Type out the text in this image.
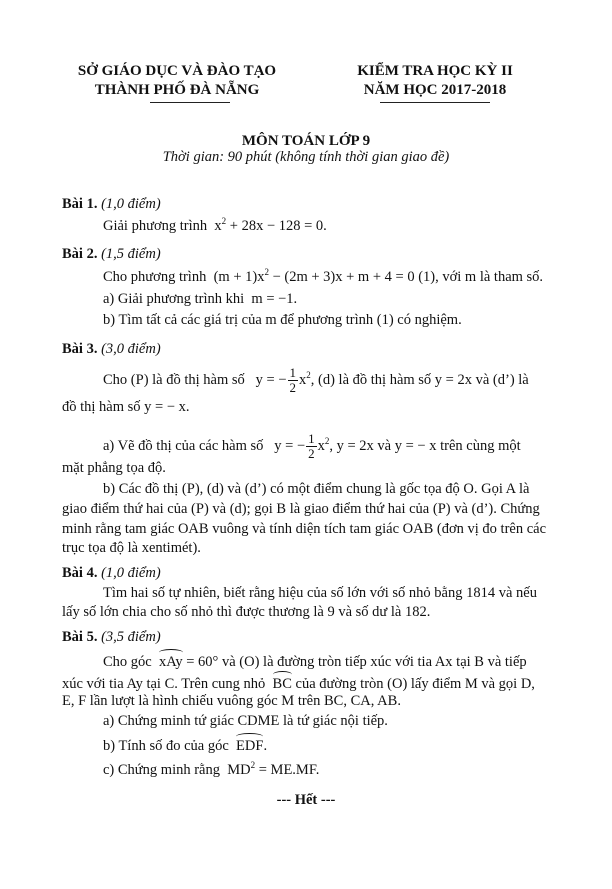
SỞ GIÁO DỤC VÀ ĐÀO TẠO
THÀNH PHỐ ĐÀ NẴNG
KIỂM TRA HỌC KỲ II
NĂM HỌC 2017-2018
MÔN TOÁN LỚP 9
Thời gian: 90 phút (không tính thời gian giao đề)
Bài 1. (1,0 điểm)
Giải phương trình $x^2 + 28x - 128 = 0$.
Bài 2. (1,5 điểm)
Cho phương trình $(m + 1)x^2 - (2m + 3)x + m + 4 = 0$ (1), với m là tham số.
a) Giải phương trình khi m = −1.
b) Tìm tất cả các giá trị của m để phương trình (1) có nghiệm.
Bài 3. (3,0 điểm)
Cho (P) là đồ thị hàm số y = − $\frac{1}{2} x^2$, (d) là đồ thị hàm số y = 2x và (d’) là
đồ thị hàm số y = − x.
a) Vẽ đồ thị của các hàm số y = − $\frac{1}{2} x^2$, y = 2x và y = − x trên cùng một
mặt phẳng tọa độ.
b) Các đồ thị (P), (d) và (d’) có một điểm chung là gốc tọa độ O. Gọi A là
giao điểm thứ hai của (P) và (d); gọi B là giao điểm thứ hai của (P) và (d’). Chứng
minh rằng tam giác OAB vuông và tính diện tích tam giác OAB (đơn vị đo trên các
trục tọa độ là xentimét).
Bài 4. (1,0 điểm)
Tìm hai số tự nhiên, biết rằng hiệu của số lớn với số nhỏ bằng 1814 và nếu
lấy số lớn chia cho số nhỏ thì được thương là 9 và số dư là 182.
Bài 5. (3,5 điểm)
Cho góc xAy = 60° và (O) là đường tròn tiếp xúc với tia Ax tại B và tiếp
xúc với tia Ay tại C. Trên cung nhỏ BC của đường tròn (O) lấy điểm M và gọi D,
E, F lần lượt là hình chiếu vuông góc M trên BC, CA, AB.
a) Chứng minh tứ giác CDME là tứ giác nội tiếp.
b) Tính số đo của góc EDF.
c) Chứng minh rằng $MD^2 = ME.MF$.
--- Hết ---
